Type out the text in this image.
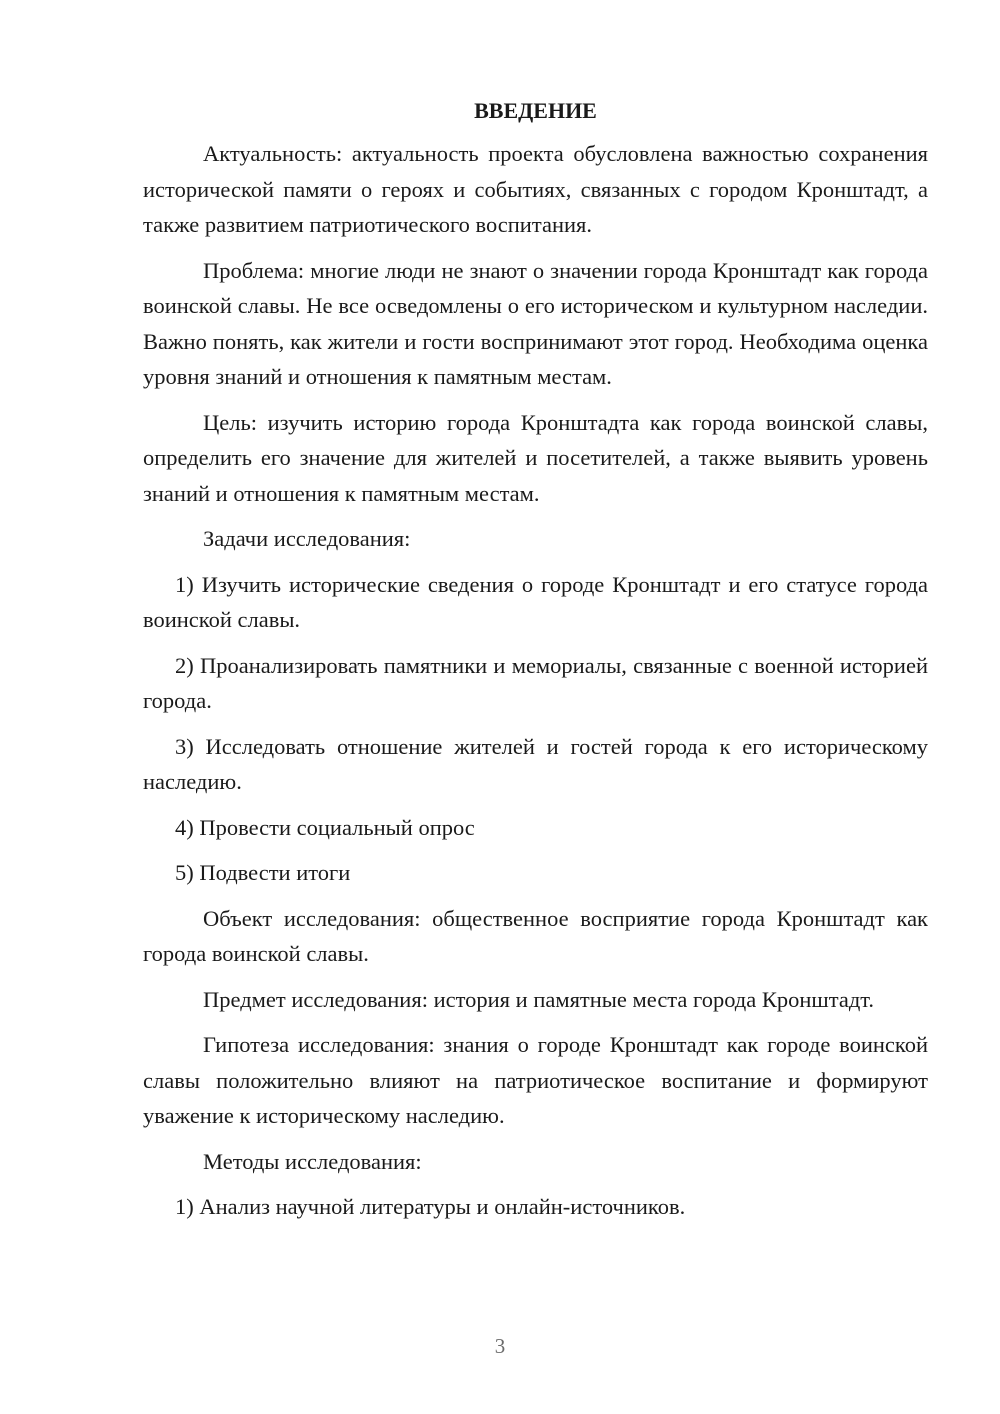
ВВЕДЕНИЕ
Актуальность: актуальность проекта обусловлена важностью сохранения исторической памяти о героях и событиях, связанных с городом Кронштадт, а также развитием патриотического воспитания.
Проблема: многие люди не знают о значении города Кронштадт как города воинской славы. Не все осведомлены о его историческом и культурном наследии. Важно понять, как жители и гости воспринимают этот город. Необходима оценка уровня знаний и отношения к памятным местам.
Цель: изучить историю города Кронштадта как города воинской славы, определить его значение для жителей и посетителей, а также выявить уровень знаний и отношения к памятным местам.
Задачи исследования:
1) Изучить исторические сведения о городе Кронштадт и его статусе города воинской славы.
2) Проанализировать памятники и мемориалы, связанные с военной историей города.
3) Исследовать отношение жителей и гостей города к его историческому наследию.
4) Провести социальный опрос
5) Подвести итоги
Объект исследования: общественное восприятие города Кронштадт как города воинской славы.
Предмет исследования: история и памятные места города Кронштадт.
Гипотеза исследования: знания о городе Кронштадт как городе воинской славы положительно влияют на патриотическое воспитание и формируют уважение к историческому наследию.
Методы исследования:
1) Анализ научной литературы и онлайн-источников.
3
